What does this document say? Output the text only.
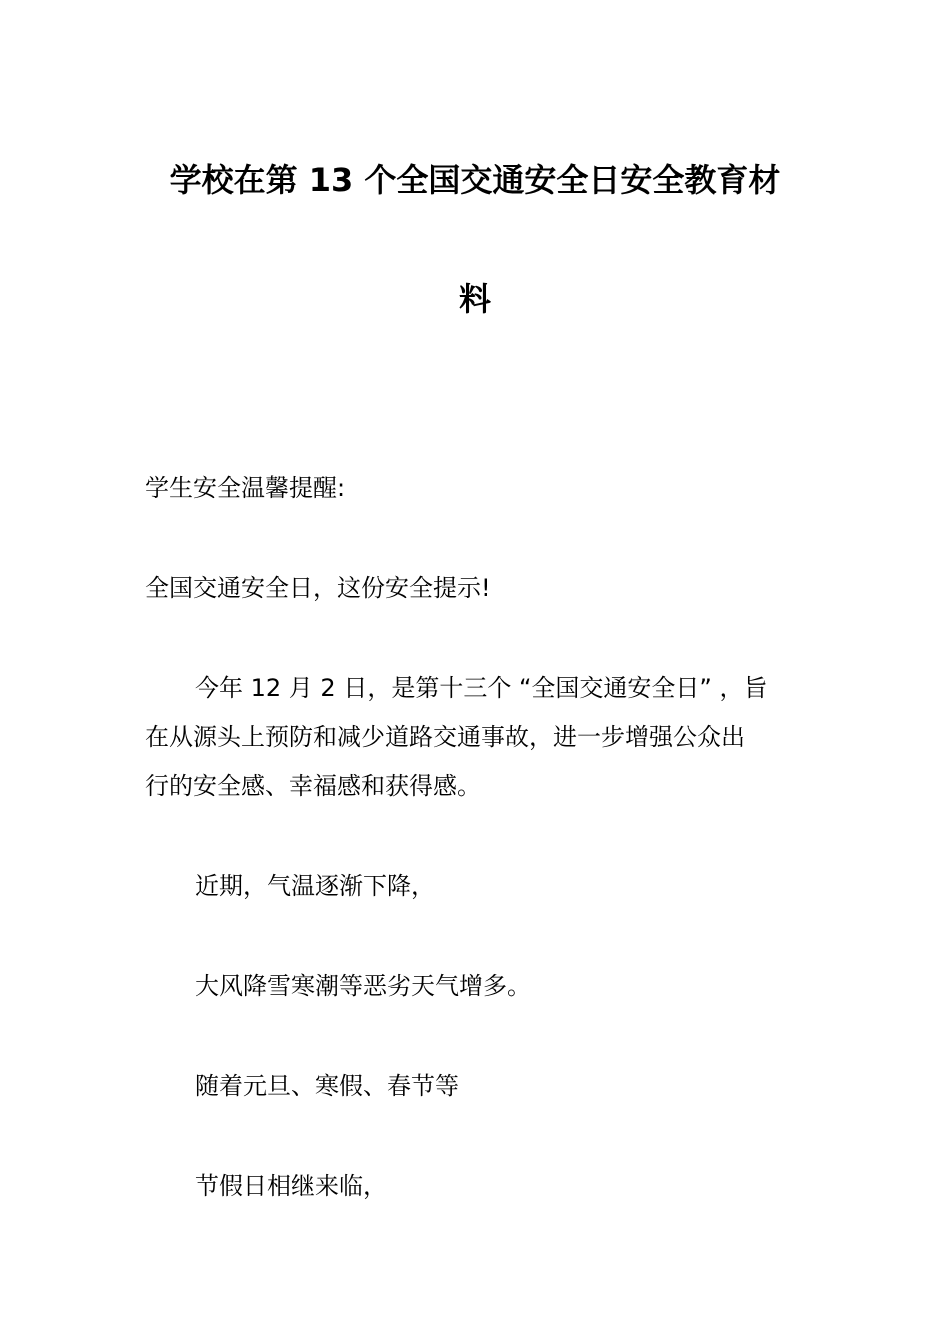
学校在第 13 个全国交通安全日安全教育材
料
学生安全温馨提醒:
全国交通安全日，这份安全提示!
今年 12 月 2 日，是第十三个 “全国交通安全日” ，旨
在从源头上预防和减少道路交通事故，进一步增强公众出
行的安全感、幸福感和获得感。
近期，气温逐渐下降，
大风降雪寒潮等恶劣天气增多。
随着元旦、寒假、春节等
节假日相继来临，
